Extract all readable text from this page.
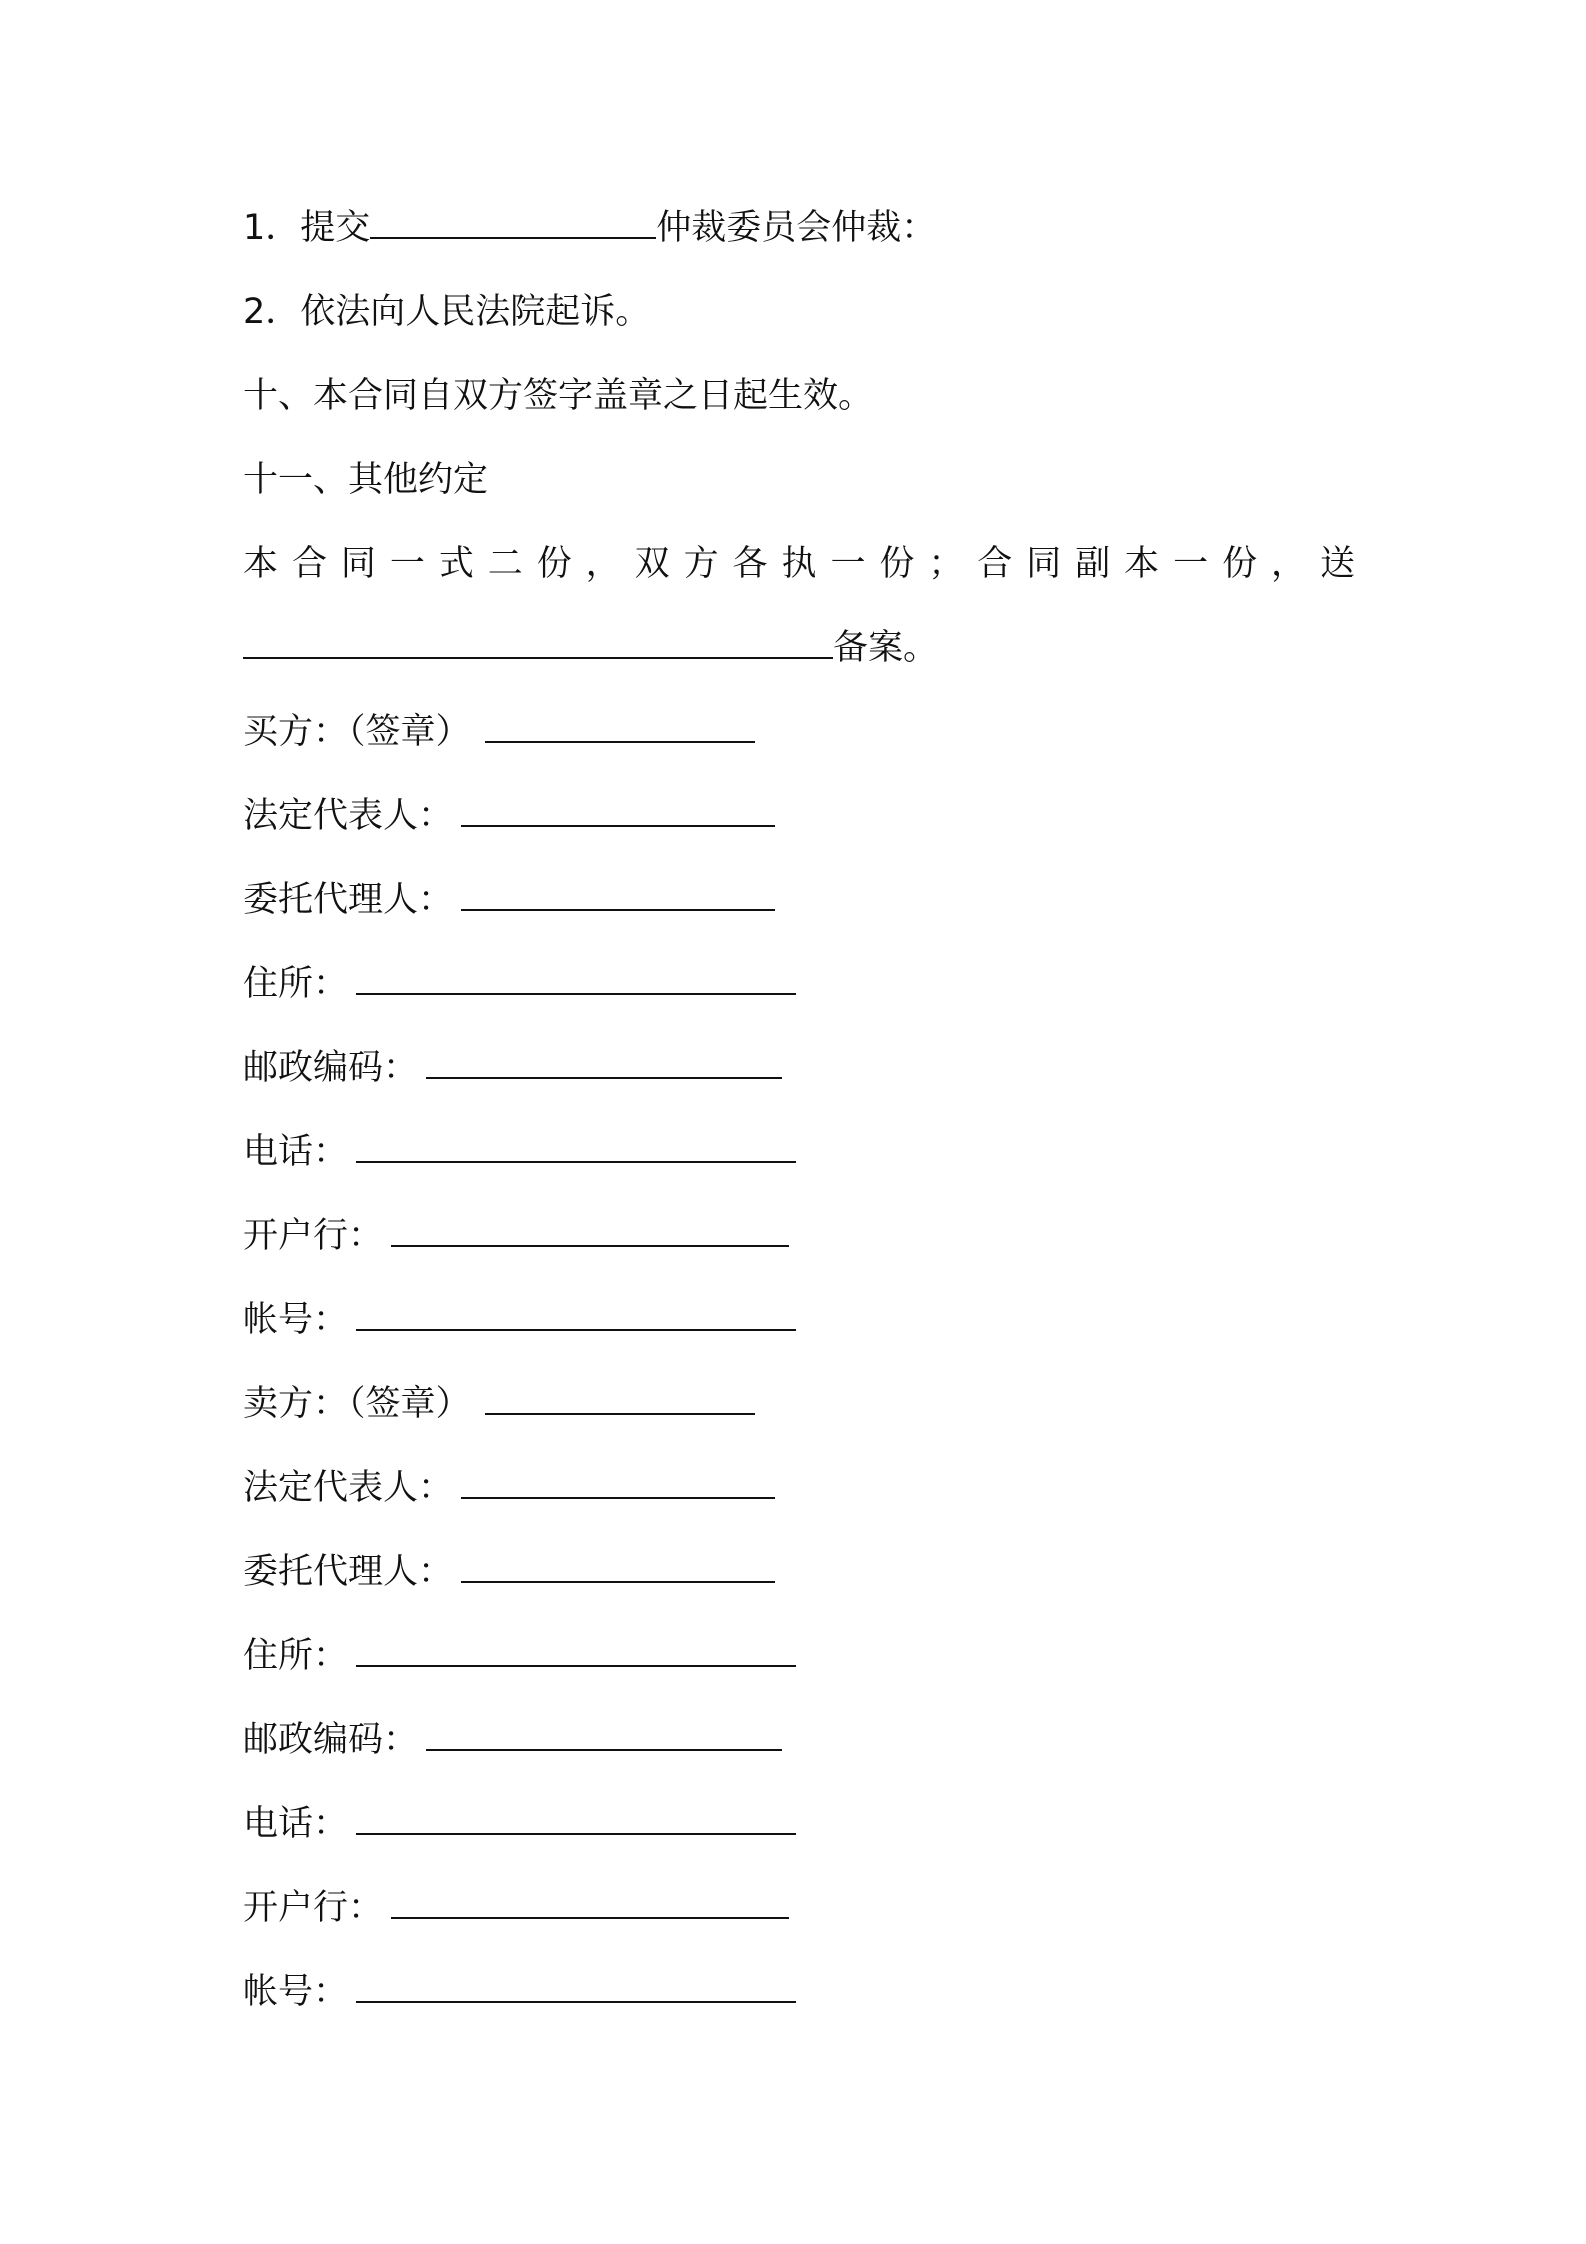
1．提交	仲裁委员会仲裁：
2．依法向人民法院起诉。
十、本合同自双方签字盖章之日起生效。
十一、其他约定
本 合 同 一 式 二 份 ， 双 方 各 执 一 份 ； 合 同 副 本 一 份 ， 送
备案。
买方：（签章）
法定代表人：
委托代理人：
住所：
邮政编码：
电话：
开户行：
帐号：
卖方：（签章）
法定代表人：
委托代理人：
住所：
邮政编码：
电话：
开户行：
帐号：
